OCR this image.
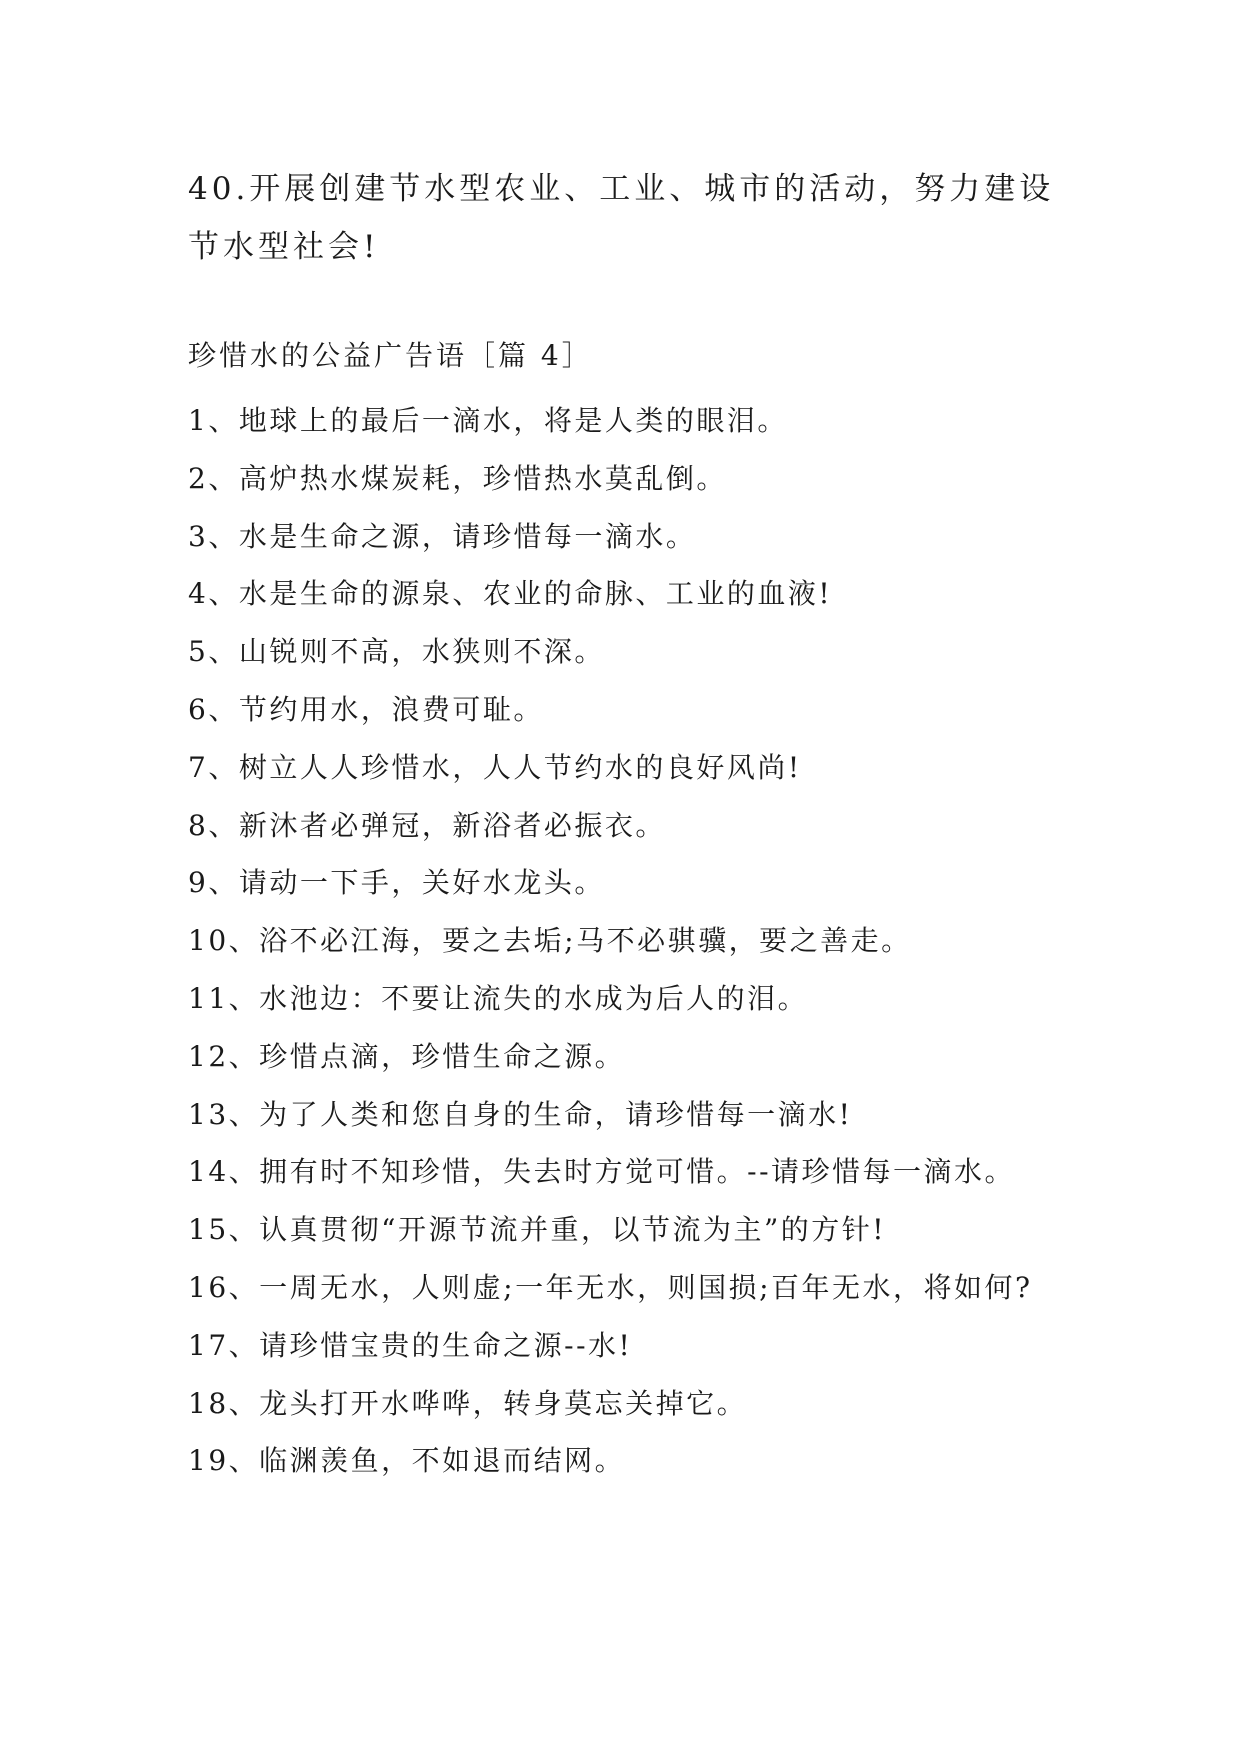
40.开展创建节水型农业、工业、城市的活动，努力建设节水型社会!

珍惜水的公益广告语［篇 4］
1、地球上的最后一滴水，将是人类的眼泪。
2、高炉热水煤炭耗，珍惜热水莫乱倒。
3、水是生命之源，请珍惜每一滴水。
4、水是生命的源泉、农业的命脉、工业的血液!
5、山锐则不高，水狭则不深。
6、节约用水，浪费可耻。
7、树立人人珍惜水，人人节约水的良好风尚!
8、新沐者必弹冠，新浴者必振衣。
9、请动一下手，关好水龙头。
10、浴不必江海，要之去垢;马不必骐骥，要之善走。
11、水池边：不要让流失的水成为后人的泪。
12、珍惜点滴，珍惜生命之源。
13、为了人类和您自身的生命，请珍惜每一滴水!
14、拥有时不知珍惜，失去时方觉可惜。--请珍惜每一滴水。
15、认真贯彻“开源节流并重，以节流为主”的方针!
16、一周无水，人则虚;一年无水，则国损;百年无水，将如何?
17、请珍惜宝贵的生命之源--水!
18、龙头打开水哗哗，转身莫忘关掉它。
19、临渊羡鱼，不如退而结网。
